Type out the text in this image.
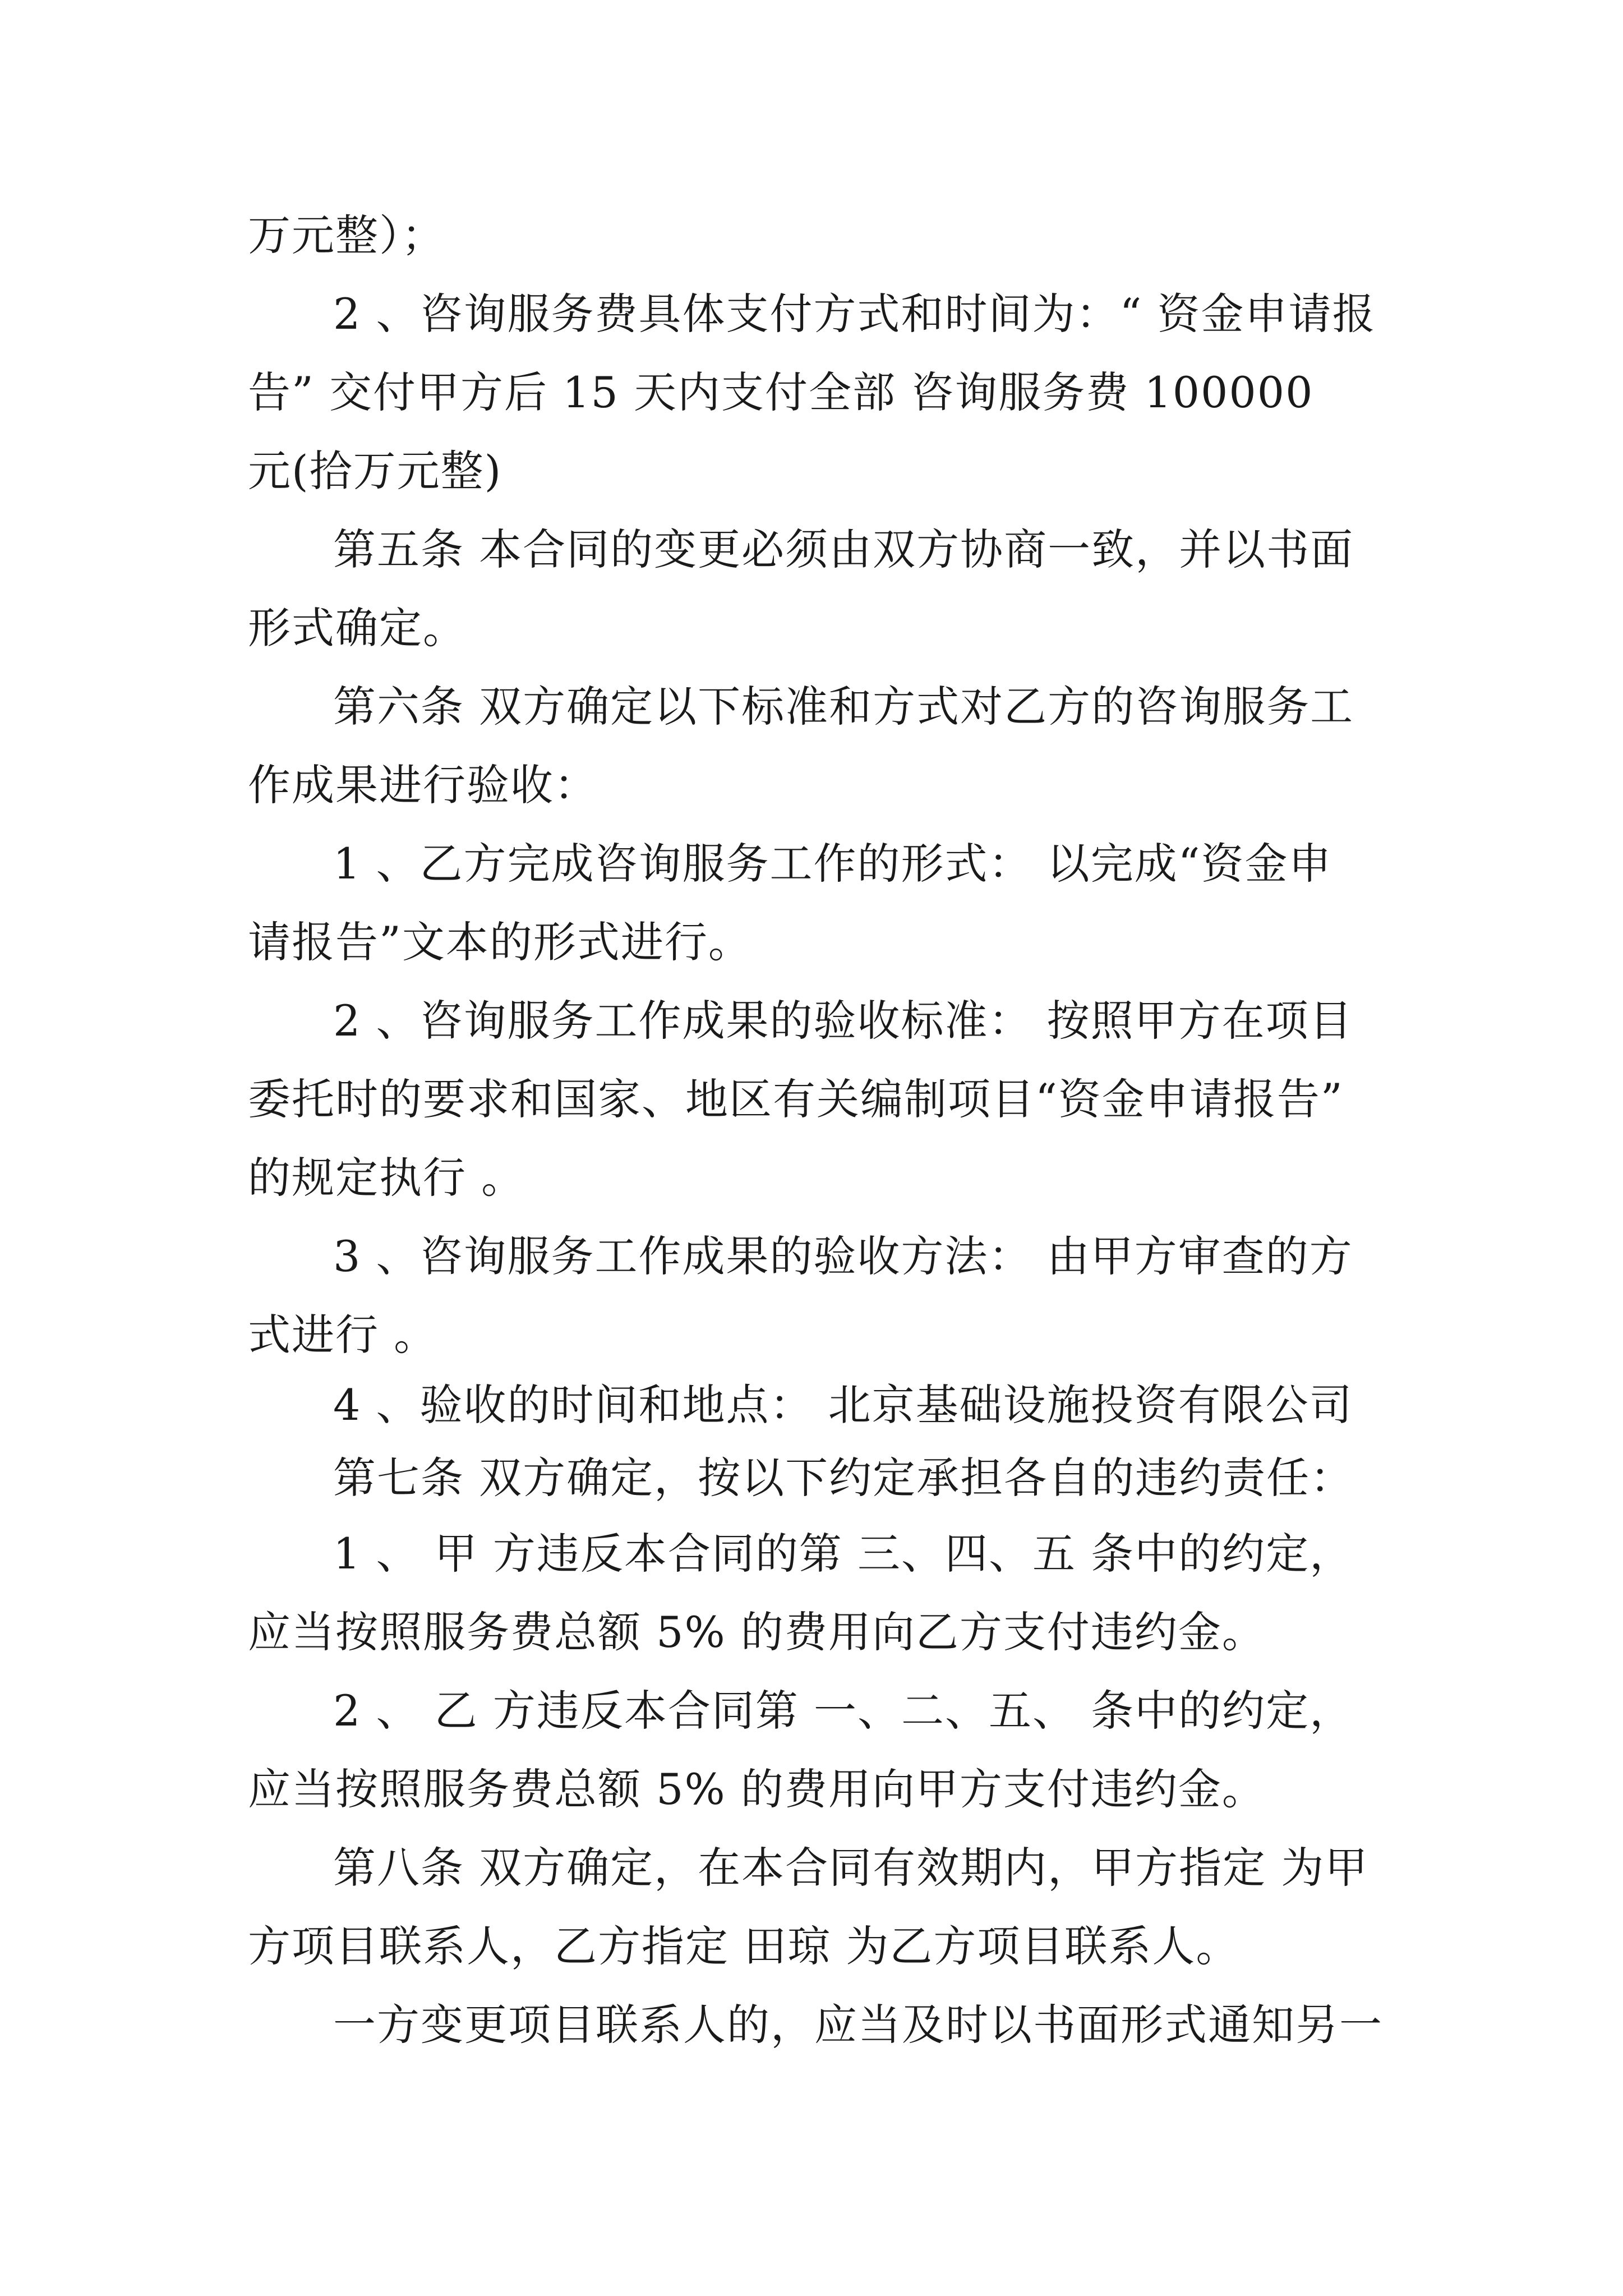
万元整）；
2 、咨询服务费具体支付方式和时间为：“ 资金申请报
告” 交付甲方后 15 天内支付全部 咨询服务费 100000
元(拾万元整)
第五条 本合同的变更必须由双方协商一致，并以书面
形式确定。
第六条 双方确定以下标准和方式对乙方的咨询服务工
作成果进行验收：
1 、乙方完成咨询服务工作的形式： 以完成“资金申
请报告”文本的形式进行。
2 、咨询服务工作成果的验收标准： 按照甲方在项目
委托时的要求和国家、地区有关编制项目“资金申请报告”
的规定执行 。
3 、咨询服务工作成果的验收方法： 由甲方审查的方
式进行 。
4 、验收的时间和地点： 北京基础设施投资有限公司
第七条 双方确定，按以下约定承担各自的违约责任：
1 、 甲 方违反本合同的第 三、四、五 条中的约定，
应当按照服务费总额 5% 的费用向乙方支付违约金。
2 、 乙 方违反本合同第 一、二、五、 条中的约定，
应当按照服务费总额 5% 的费用向甲方支付违约金。
第八条 双方确定，在本合同有效期内，甲方指定 为甲
方项目联系人，乙方指定 田琼 为乙方项目联系人。
一方变更项目联系人的，应当及时以书面形式通知另一
